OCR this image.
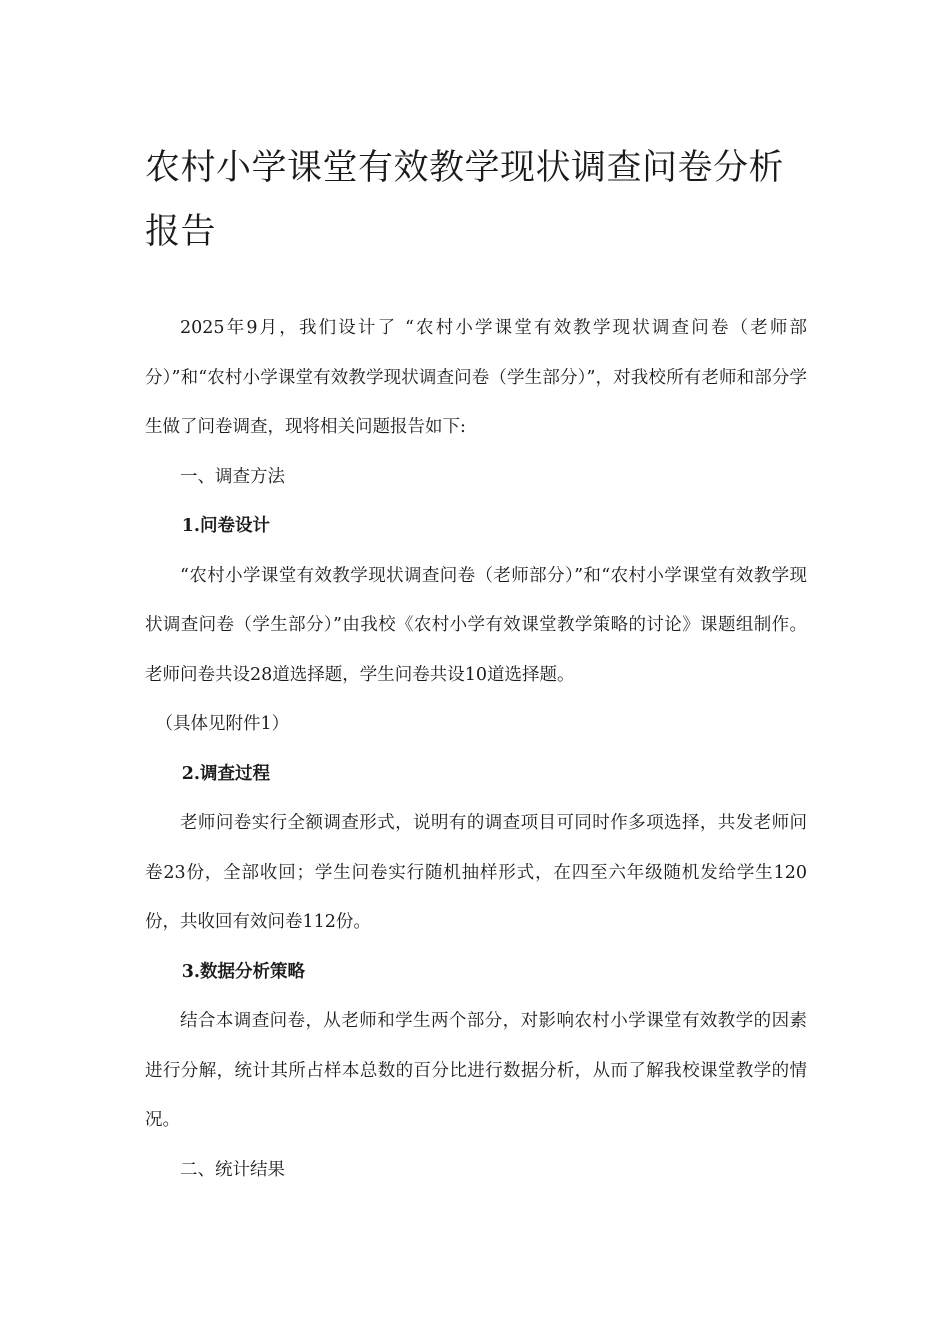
农村小学课堂有效教学现状调查问卷分析报告

2025年9月，我们设计了 “农村小学课堂有效教学现状调查问卷（老师部分）”和“农村小学课堂有效教学现状调查问卷（学生部分）”，对我校所有老师和部分学生做了问卷调查，现将相关问题报告如下:

一、调查方法

1.问卷设计

“农村小学课堂有效教学现状调查问卷（老师部分）”和“农村小学课堂有效教学现状调查问卷（学生部分）”由我校《农村小学有效课堂教学策略的讨论》课题组制作。老师问卷共设28道选择题，学生问卷共设10道选择题。

（具体见附件1）

2.调查过程

老师问卷实行全额调查形式，说明有的调查项目可同时作多项选择，共发老师问卷23份，全部收回；学生问卷实行随机抽样形式，在四至六年级随机发给学生120份，共收回有效问卷112份。

3.数据分析策略

结合本调查问卷，从老师和学生两个部分，对影响农村小学课堂有效教学的因素进行分解，统计其所占样本总数的百分比进行数据分析，从而了解我校课堂教学的情况。

二、统计结果
